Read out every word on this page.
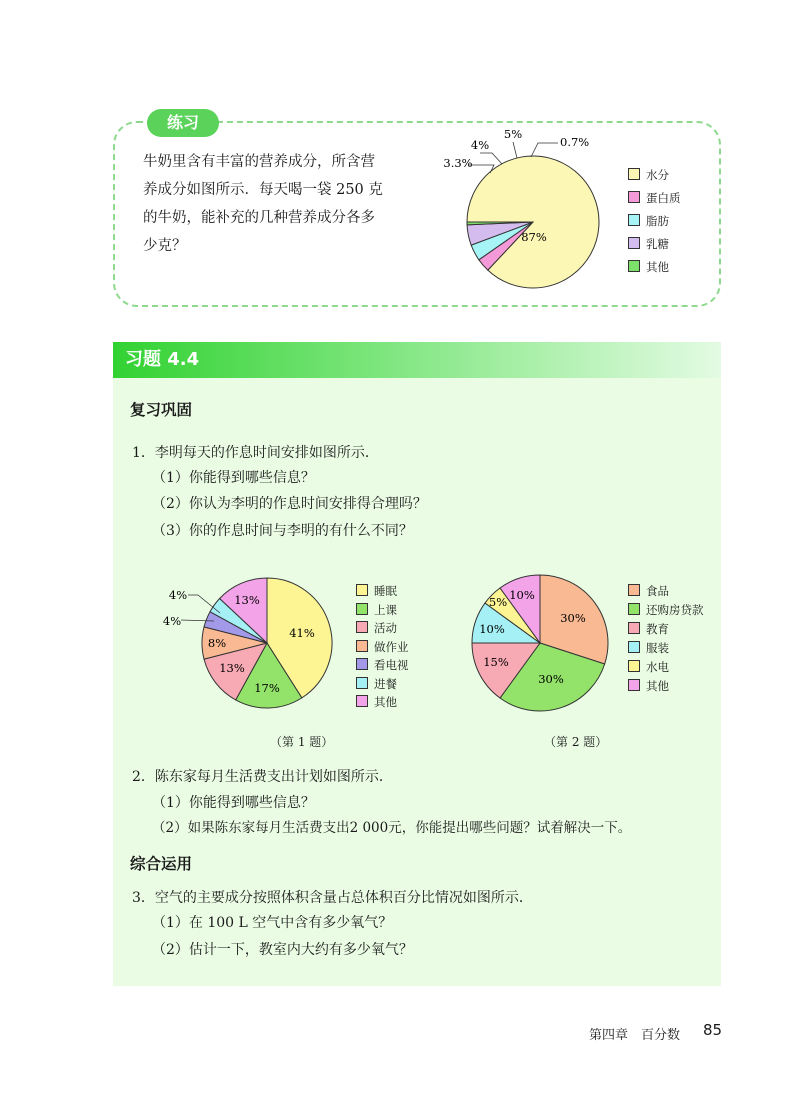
练习
牛奶里含有丰富的营养成分，所含营
养成分如图所示．每天喝一袋 250 克
的牛奶，能补充的几种营养成分各多
少克？
87%
3.3%
4%
5%
0.7%
水分
蛋白质
脂肪
乳糖
其他
习题 4.4
复习巩固
1．李明每天的作息时间安排如图所示．
（1）你能得到哪些信息？
（2）你认为李明的作息时间安排得合理吗？
（3）你的作息时间与李明的有什么不同？
41%
17%
13%
8%
4%
4%	13%
睡眠
上课
活动
做作业
看电视
进餐
其他
（第 1 题）
30%
30%
15%
10%
5% 10%	食品
还购房贷款
教育
服装
水电
其他
（第 2 题）
2．陈东家每月生活费支出计划如图所示．
（1）你能得到哪些信息？
（2）如果陈东家每月生活费支出2 000元，你能提出哪些问题？试着解决一下。
综合运用
3．空气的主要成分按照体积含量占总体积百分比情况如图所示．
（1）在 100 L 空气中含有多少氧气？
（2）估计一下，教室内大约有多少氧气？
第四章　百分数 85
